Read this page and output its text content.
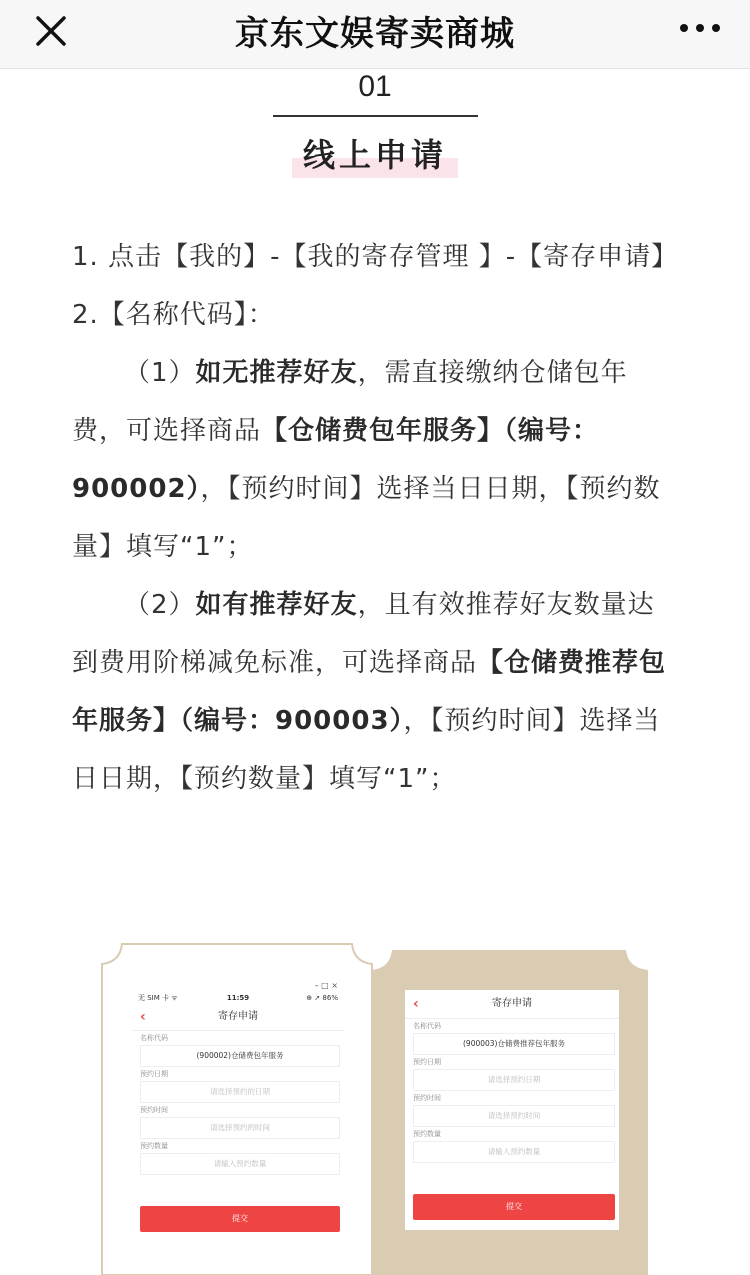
京东文娱寄卖商城
01
线上申请

1. 点击【我的】-【我的寄存管理 】-【寄存申请】

2.【名称代码】：

（1）如无推荐好友，需直接缴纳仓储包年费，可选择商品【仓储费包年服务】（编号：900002），【预约时间】选择当日日期，【预约数量】填写“1”；

（2）如有推荐好友，且有效推荐好友数量达到费用阶梯减免标准，可选择商品【仓储费推荐包年服务】（编号：900003），【预约时间】选择当日日期，【预约数量】填写“1”；

– □ ×
无 SIM 卡 ᯤ	11:59	⊕ ➚ 86%
‹	寄存申请
名称代码
(900002)仓储费包年服务
预约日期
请选择预约的日期
预约时间
请选择预约的时间
预约数量
请输入预约数量
提交
‹	寄存申请
名称代码
(900003)仓储费推荐包年服务
预约日期
请选择预约日期
预约时间
请选择预约时间
预约数量
请输入预约数量
提交
